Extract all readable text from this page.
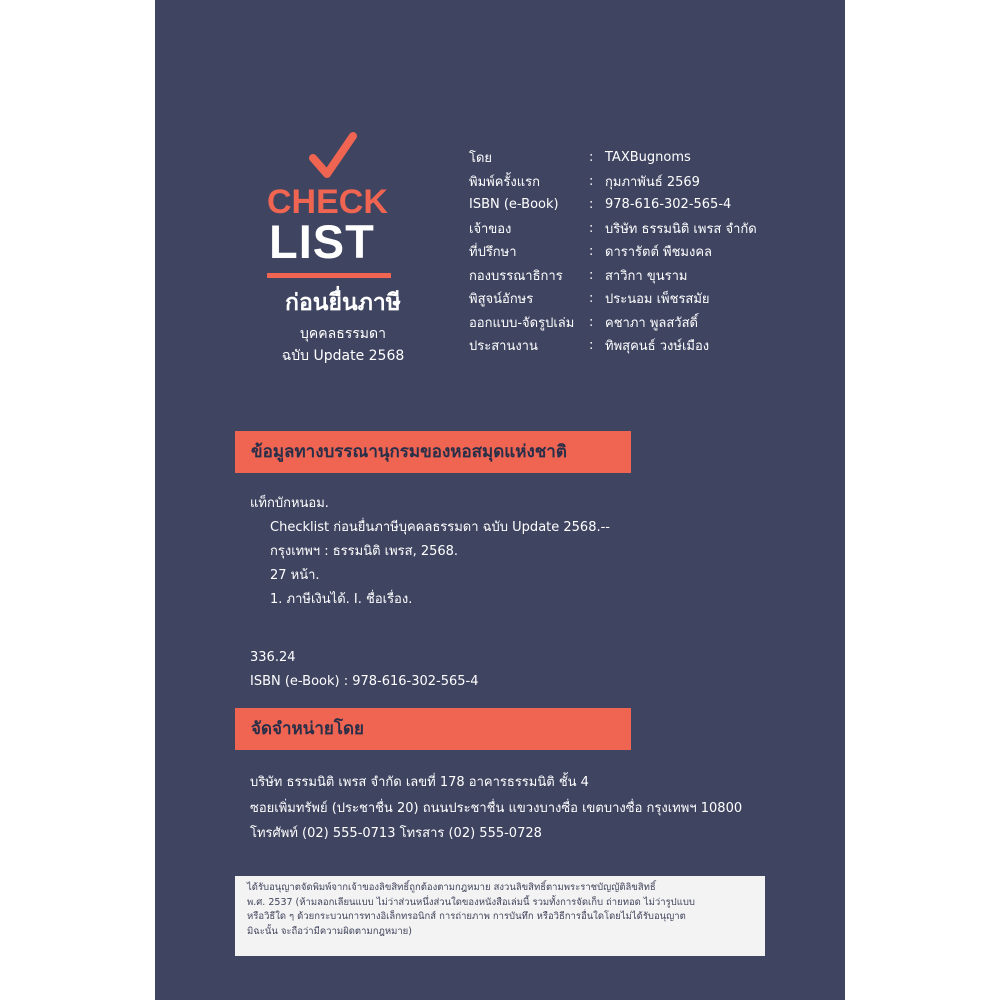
CHECK
LIST
ก่อนยื่นภาษี
บุคคลธรรมดา
ฉบับ Update 2568
โดย	: TAXBugnoms
พิมพ์ครั้งแรก	: กุมภาพันธ์ 2569
ISBN (e-Book)	: 978-616-302-565-4
เจ้าของ	: บริษัท ธรรมนิติ เพรส จำกัด
ที่ปรึกษา	: ดารารัตต์ พืชมงคล
กองบรรณาธิการ	: สาวิกา ขุนราม
พิสูจน์อักษร	: ประนอม เพ็ชรสมัย
ออกแบบ-จัดรูปเล่ม	: คชาภา พูลสวัสดิ์
ประสานงาน	: ทิพสุคนธ์ วงษ์เมือง
ข้อมูลทางบรรณานุกรมของหอสมุดแห่งชาติ
แท็กบักหนอม.
Checklist ก่อนยื่นภาษีบุคคลธรรมดา ฉบับ Update 2568.--
กรุงเทพฯ : ธรรมนิติ เพรส, 2568.
27 หน้า.
1. ภาษีเงินได้. I. ชื่อเรื่อง.
336.24
ISBN (e-Book) : 978-616-302-565-4
จัดจำหน่ายโดย
บริษัท ธรรมนิติ เพรส จำกัด เลขที่ 178 อาคารธรรมนิติ ชั้น 4
ซอยเพิ่มทรัพย์ (ประชาชื่น 20) ถนนประชาชื่น แขวงบางซื่อ เขตบางซื่อ กรุงเทพฯ 10800
โทรศัพท์ (02) 555-0713 โทรสาร (02) 555-0728
ได้รับอนุญาตจัดพิมพ์จากเจ้าของลิขสิทธิ์ถูกต้องตามกฎหมาย สงวนลิขสิทธิ์ตามพระราชบัญญัติลิขสิทธิ์
พ.ศ. 2537 (ห้ามลอกเลียนแบบ ไม่ว่าส่วนหนึ่งส่วนใดของหนังสือเล่มนี้ รวมทั้งการจัดเก็บ ถ่ายทอด ไม่ว่ารูปแบบ
หรือวิธีใด ๆ ด้วยกระบวนการทางอิเล็กทรอนิกส์ การถ่ายภาพ การบันทึก หรือวิธีการอื่นใดโดยไม่ได้รับอนุญาต
มิฉะนั้น จะถือว่ามีความผิดตามกฎหมาย)
